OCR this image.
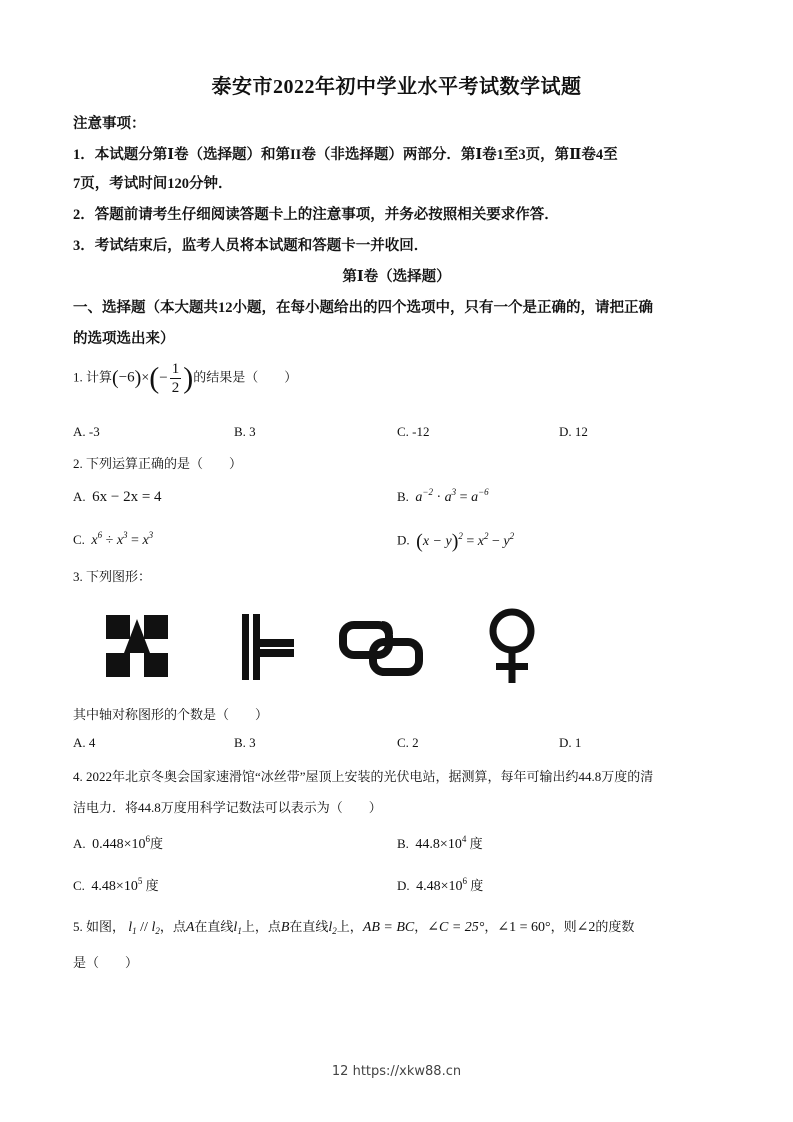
泰安市2022年初中学业水平考试数学试题
注意事项：
1．本试题分第Ⅰ卷（选择题）和第II卷（非选择题）两部分．第Ⅰ卷1至3页，第Ⅱ卷4至
7页，考试时间120分钟．
2．答题前请考生仔细阅读答题卡上的注意事项，并务必按照相关要求作答．
3．考试结束后，监考人员将本试题和答题卡一并收回．
第Ⅰ卷（选择题）
一、选择题（本大题共12小题，在每小题给出的四个选项中，只有一个是正确的，请把正确
的选项选出来）
1. 计算$(-6)\times(- \frac{1}{2}$ )的结果是（　　）
A. -3	B. 3	C. -12	D. 12
2. 下列运算正确的是（　　）
A. 6x − 2x = 4	B. $a^{-2} \cdot a^3 = a^{-6}$
C. $x^6 \div x^3 = x^3$	D. $(x - y)^2 = x^2 - y^2$
3. 下列图形：
其中轴对称图形的个数是（　　）
A. 4	B. 3	C. 2	D. 1
4. 2022年北京冬奥会国家速滑馆“冰丝带”屋顶上安装的光伏电站，据测算，每年可输出约44.8万度的清
洁电力．将44.8万度用科学记数法可以表示为（　　）
A. $0.448\times 10^6$度	B. $44.8\times 10^4$ 度
C. $4.48\times 10^5$ 度	D. $4.48\times 10^6$ 度
5. 如图， $l_1 // l_2$，点A在直线$l_1$上，点B在直线$l_2$上，AB = BC，∠C = 25°，∠1 = 60°，则∠2的度数
是（　　）
12 https://xkw88.cn
